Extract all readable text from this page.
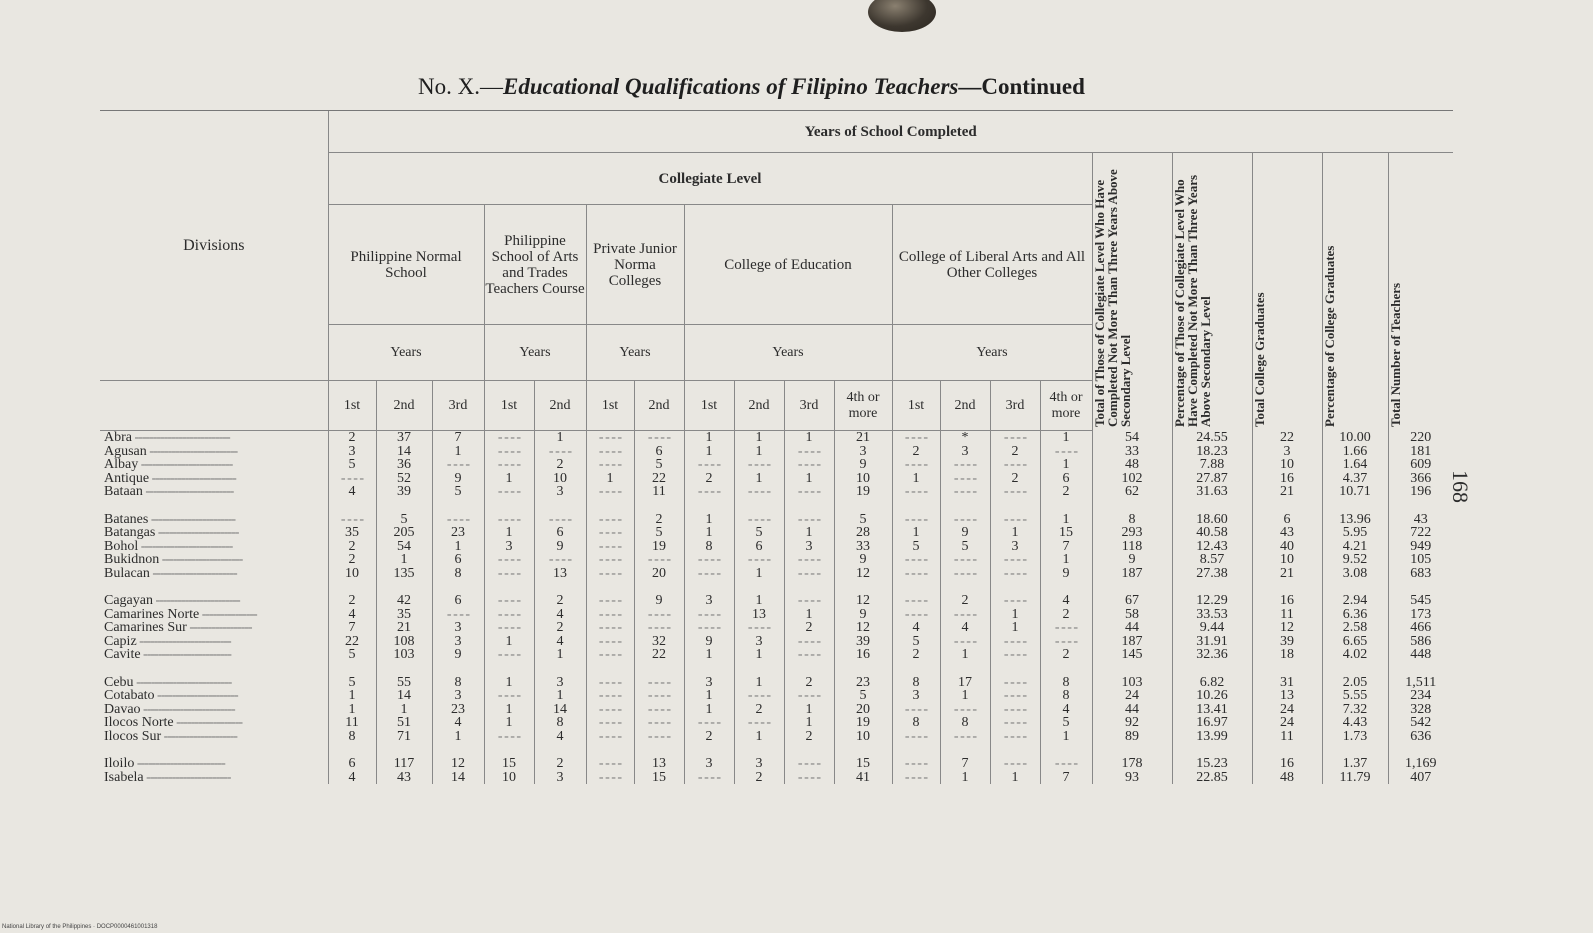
No. X.—Educational Qualifications of Filipino Teachers—Continued
Divisions	Years of School Completed																			
	Collegiate Level															Total of Those of Collegiate Level Who Have Completed Not More Than Three Years Above Secondary Level	Percentage of Those of Collegiate Level Who Have Completed Not More Than Three Years Above Secondary Level	Total College Graduates	Percentage of College Graduates	Total Number of Teachers

	Philippine Normal School			Philippine School of Arts and Trades Teachers Course		Private Junior Norma Colleges		College of Education				College of Liberal Arts and All Other Colleges								
	Years			Years		Years		Years				Years								
	1st	2nd	3rd	1st	2nd	1st	2nd	1st	2nd	3rd	4th or more	1st	2nd	3rd	4th or more					
Abra --------------------------	2	37	7	- - - -	1	- - - -	- - - -	1	1	1	21	- - - -	*	- - - -	1	54	24.55	22	10.00	220
Agusan ------------------------	3	14	1	- - - -	- - - -	- - - -	6	1	1	- - - -	3	2	3	2	- - - -	33	18.23	3	1.66	181
Albay -------------------------	5	36	- - - -	- - - -	2	- - - -	5	- - - -	- - - -	- - - -	9	- - - -	- - - -	- - - -	1	48	7.88	10	1.64	609
Antique -----------------------	- - - -	52	9	1	10	1	22	2	1	1	10	1	- - - -	2	6	102	27.87	16	4.37	366
Bataan ------------------------	4	39	5	- - - -	3	- - - -	11	- - - -	- - - -	- - - -	19	- - - -	- - - -	- - - -	2	62	31.63	21	10.71	196

Batanes -----------------------	- - - -	5	- - - -	- - - -	- - - -	- - - -	2	1	- - - -	- - - -	5	- - - -	- - - -	- - - -	1	8	18.60	6	13.96	43
Batangas ----------------------	35	205	23	1	6	- - - -	5	1	5	1	28	1	9	1	15	293	40.58	43	5.95	722
Bohol -------------------------	2	54	1	3	9	- - - -	19	8	6	3	33	5	5	3	7	118	12.43	40	4.21	949
Bukidnon ----------------------	2	1	6	- - - -	- - - -	- - - -	- - - -	- - - -	- - - -	- - - -	9	- - - -	- - - -	- - - -	1	9	8.57	10	9.52	105
Bulacan -----------------------	10	135	8	- - - -	13	- - - -	20	- - - -	1	- - - -	12	- - - -	- - - -	- - - -	9	187	27.38	21	3.08	683

Cagayan -----------------------	2	42	6	- - - -	2	- - - -	9	3	1	- - - -	12	- - - -	2	- - - -	4	67	12.29	16	2.94	545
Camarines Norte ---------------	4	35	- - - -	- - - -	4	- - - -	- - - -	- - - -	13	1	9	- - - -	- - - -	1	2	58	33.53	11	6.36	173
Camarines Sur -----------------	7	21	3	- - - -	2	- - - -	- - - -	- - - -	- - - -	2	12	4	4	1	- - - -	44	9.44	12	2.58	466
Capiz -------------------------	22	108	3	1	4	- - - -	32	9	3	- - - -	39	5	- - - -	- - - -	- - - -	187	31.91	39	6.65	586
Cavite ------------------------	5	103	9	- - - -	1	- - - -	22	1	1	- - - -	16	2	1	- - - -	2	145	32.36	18	4.02	448

Cebu --------------------------	5	55	8	1	3	- - - -	- - - -	3	1	2	23	8	17	- - - -	8	103	6.82	31	2.05	1,511
Cotabato ----------------------	1	14	3	- - - -	1	- - - -	- - - -	1	- - - -	- - - -	5	3	1	- - - -	8	24	10.26	13	5.55	234
Davao -------------------------	1	1	23	1	14	- - - -	- - - -	1	2	1	20	- - - -	- - - -	- - - -	4	44	13.41	24	7.32	328
Ilocos Norte ------------------	11	51	4	1	8	- - - -	- - - -	- - - -	- - - -	1	19	8	8	- - - -	5	92	16.97	24	4.43	542
Ilocos Sur --------------------	8	71	1	- - - -	4	- - - -	- - - -	2	1	2	10	- - - -	- - - -	- - - -	1	89	13.99	11	1.73	636

Iloilo ------------------------	6	117	12	15	2	- - - -	13	3	3	- - - -	15	- - - -	7	- - - -	- - - -	178	15.23	16	1.37	1,169
Isabela -----------------------	4	43	14	10	3	- - - -	15	- - - -	2	- - - -	41	- - - -	1	1	7	93	22.85	48	11.79	407
168
National Library of the Philippines · DOCP0000461001318
